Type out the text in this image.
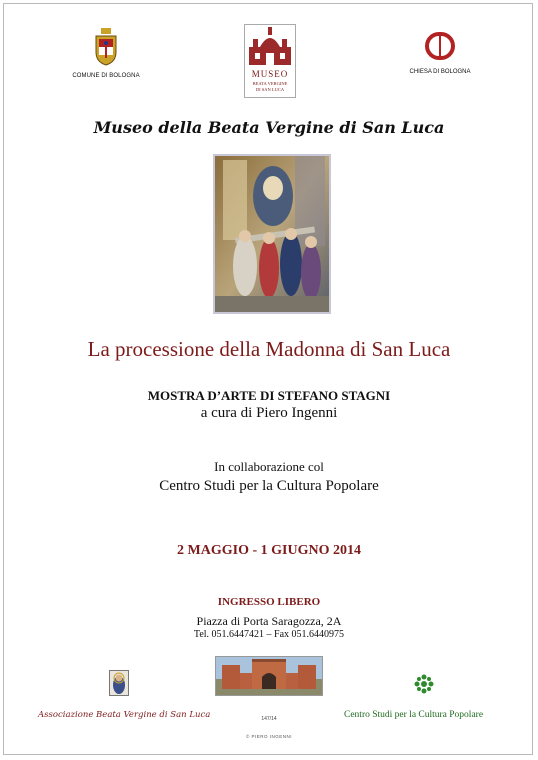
COMUNE DI BOLOGNA	MUSEO
BEATA VERGINE
DI SAN LUCA
CHIESA DI BOLOGNA
Museo della Beata Vergine di San Luca
La processione della Madonna di San Luca
MOSTRA D’ARTE DI STEFANO STAGNI
a cura di Piero Ingenni
In collaborazione col
Centro Studi per la Cultura Popolare
2 MAGGIO - 1 GIUGNO 2014
INGRESSO LIBERO
Piazza di Porta Saragozza, 2A
Tel. 051.6447421 – Fax 051.6440975
Associazione Beata Vergine di San Luca	Centro Studi per la Cultura Popolare
147/14
© PIERO INGENNI
